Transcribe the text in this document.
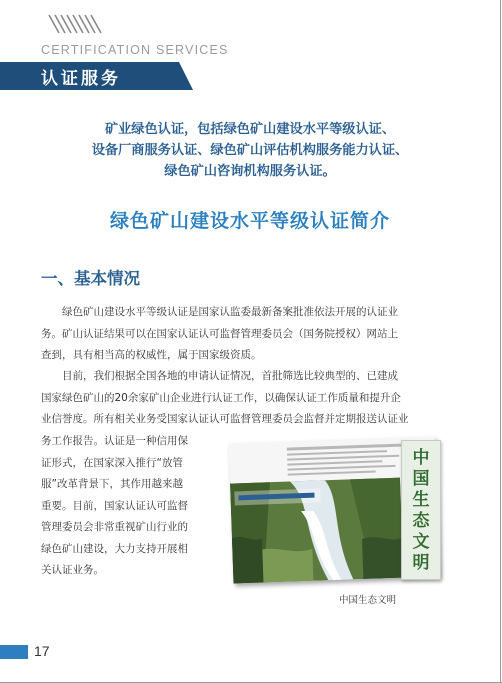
CERTIFICATION SERVICES
认证服务
矿业绿色认证，包括绿色矿山建设水平等级认证、
设备厂商服务认证、绿色矿山评估机构服务能力认证、
绿色矿山咨询机构服务认证。
绿色矿山建设水平等级认证简介
一、基本情况
　　绿色矿山建设水平等级认证是国家认监委最新备案批准依法开展的认证业
务。矿山认证结果可以在国家认证认可监督管理委员会（国务院授权）网站上
查到，具有相当高的权威性，属于国家级资质。
　　目前，我们根据全国各地的申请认证情况，首批筛选比较典型的、已建成
国家绿色矿山的20余家矿山企业进行认证工作，以确保认证工作质量和提升企
业信誉度。所有相关业务受国家认证认可监督管理委员会监督并定期报送认证业
务工作报告。认证是一种信用保
证形式，在国家深入推行“放管
服”改革背景下，其作用越来越
重要。目前，国家认证认可监督
管理委员会非常重视矿山行业的
绿色矿山建设，大力支持开展相
关认证业务。
中国生态文明
中国生态文明
17
